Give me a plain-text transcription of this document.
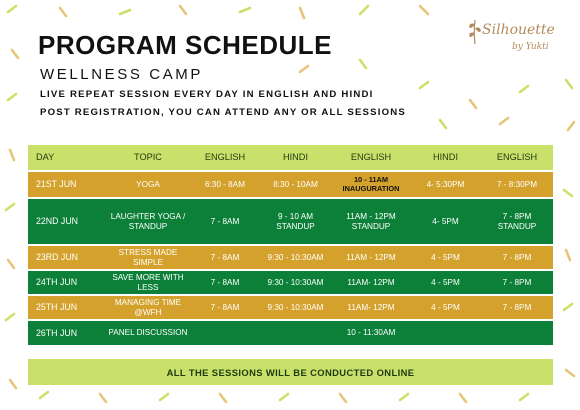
PROGRAM SCHEDULE
WELLNESS CAMP
LIVE REPEAT SESSION EVERY DAY IN ENGLISH AND HINDI
POST REGISTRATION, YOU CAN ATTEND ANY OR ALL SESSIONS
Silhouette
by Yukti
DAY	TOPIC	ENGLISH	HINDI	ENGLISH	HINDI	ENGLISH
21ST JUN	YOGA	6:30 - 8AM	8:30 - 10AM	10 - 11AM INAUGURATION	4- 5:30PM	7 - 8:30PM
22ND JUN	LAUGHTER YOGA / STANDUP	7 - 8AM	9 - 10 AM STANDUP	11AM - 12PM STANDUP	4- 5PM	7 - 8PM STANDUP
23RD JUN	STRESS MADE SIMPLE	7 - 8AM	9:30 - 10:30AM	11AM - 12PM	4 - 5PM	7 - 8PM
24TH JUN	SAVE MORE WITH LESS	7 - 8AM	9:30 - 10:30AM	11AM- 12PM	4 - 5PM	7 - 8PM
25TH JUN	MANAGING TIME @WFH	7 - 8AM	9:30 - 10:30AM	11AM- 12PM	4 - 5PM	7 - 8PM
26TH JUN	PANEL DISCUSSION			10 - 11:30AM		
ALL THE SESSIONS WILL BE CONDUCTED ONLINE
